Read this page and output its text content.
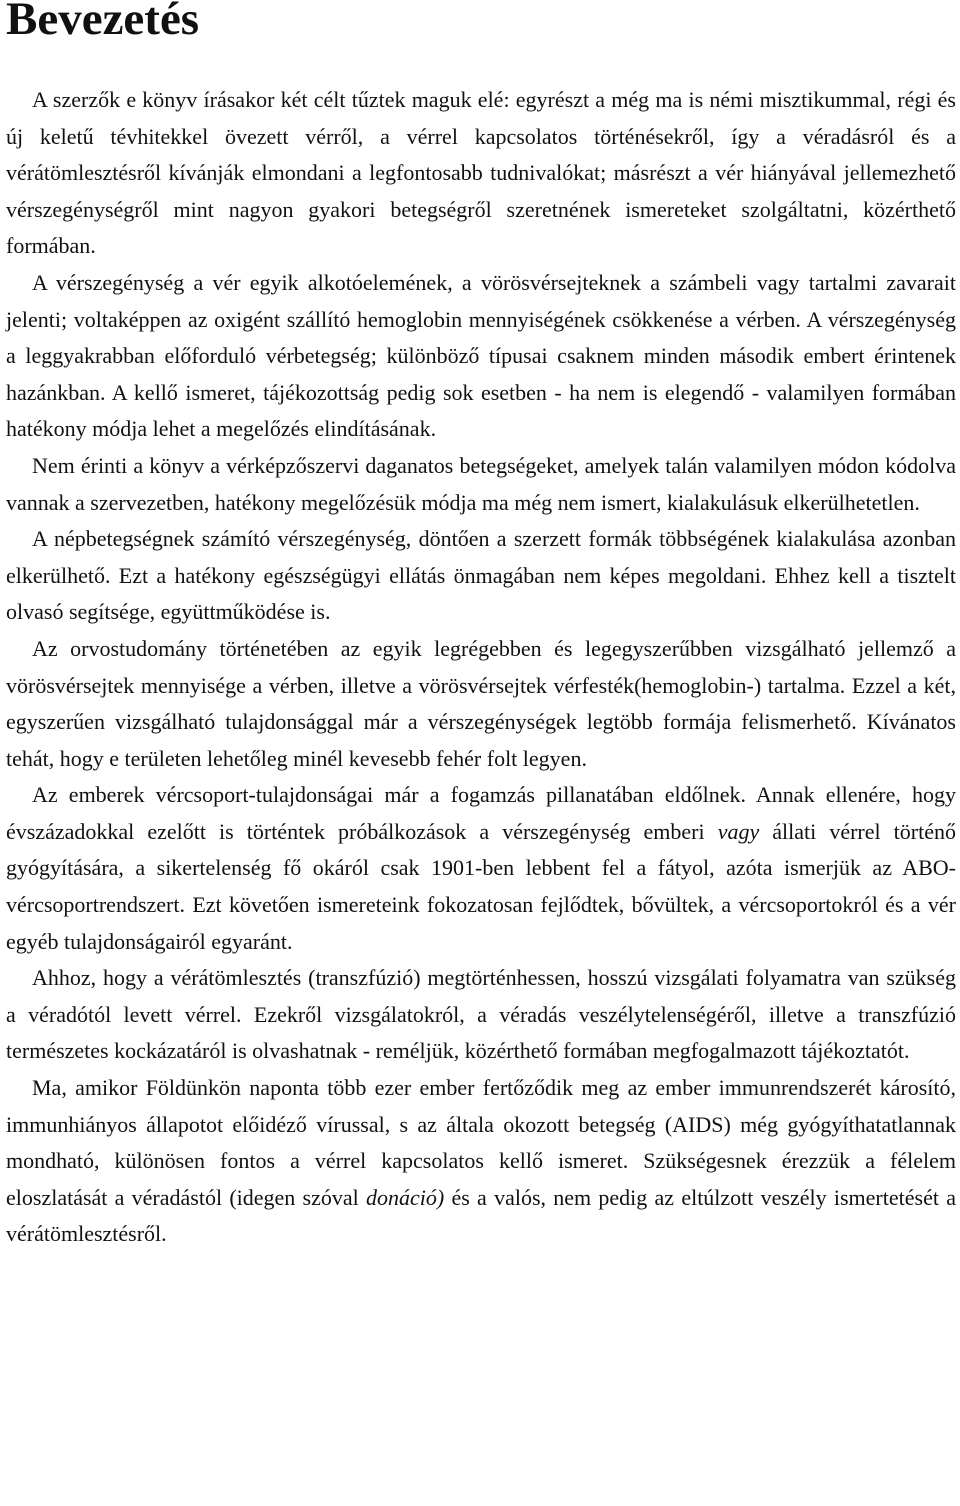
Bevezetés

A szerzők e könyv írásakor két célt tűztek maguk elé: egyrészt a még ma is némi misztikummal, régi és új keletű tévhitekkel övezett vérről, a vérrel kapcsolatos történésekről, így a véradásról és a vérátömlesztésről kívánják elmondani a legfontosabb tudnivalókat; másrészt a vér hiányával jellemezhető vérszegénységről mint nagyon gyakori betegségről szeretnének ismereteket szolgáltatni, közérthető formában.

A vérszegénység a vér egyik alkotóelemének, a vörösvérsejteknek a számbeli vagy tartalmi zavarait jelenti; voltaképpen az oxigént szállító hemoglobin mennyiségének csökkenése a vérben. A vérszegénység a leggyakrabban előforduló vérbetegség; különböző típusai csaknem minden második embert érintenek hazánkban. A kellő ismeret, tájékozottság pedig sok esetben - ha nem is elegendő - valamilyen formában hatékony módja lehet a megelőzés elindításának.

Nem érinti a könyv a vérképzőszervi daganatos betegségeket, amelyek talán valamilyen módon kódolva vannak a szervezetben, hatékony megelőzésük módja ma még nem ismert, kialakulásuk elkerülhetetlen.

A népbetegségnek számító vérszegénység, döntően a szerzett formák többségének kialakulása azonban elkerülhető. Ezt a hatékony egészségügyi ellátás önmagában nem képes megoldani. Ehhez kell a tisztelt olvasó segítsége, együttműködése is.

Az orvostudomány történetében az egyik legrégebben és legegyszerűbben vizsgálható jellemző a vörösvérsejtek mennyisége a vérben, illetve a vörösvérsejtek vérfesték(hemoglobin-) tartalma. Ezzel a két, egyszerűen vizsgálható tulajdonsággal már a vérszegénységek legtöbb formája felismerhető. Kívánatos tehát, hogy e területen lehetőleg minél kevesebb fehér folt legyen.

Az emberek vércsoport-tulajdonságai már a fogamzás pillanatában eldőlnek. Annak ellenére, hogy évszázadokkal ezelőtt is történtek próbálkozások a vérszegénység emberi vagy állati vérrel történő gyógyítására, a sikertelenség fő okáról csak 1901-ben lebbent fel a fátyol, azóta ismerjük az ABO-vércsoportrendszert. Ezt követően ismereteink fokozatosan fejlődtek, bővültek, a vércsoportokról és a vér egyéb tulajdonságairól egyaránt.

Ahhoz, hogy a vérátömlesztés (transzfúzió) megtörténhessen, hosszú vizsgálati folyamatra van szükség a véradótól levett vérrel. Ezekről vizsgálatokról, a véradás veszélytelenségéről, illetve a transzfúzió természetes kockázatáról is olvashatnak - reméljük, közérthető formában megfogalmazott tájékoztatót.

Ma, amikor Földünkön naponta több ezer ember fertőződik meg az ember immunrendszerét károsító, immunhiányos állapotot előidéző vírussal, s az általa okozott betegség (AIDS) még gyógyíthatatlannak mondható, különösen fontos a vérrel kapcsolatos kellő ismeret. Szükségesnek érezzük a félelem eloszlatását a véradástól (idegen szóval donáció) és a valós, nem pedig az eltúlzott veszély ismertetését a vérátömlesztésről.
